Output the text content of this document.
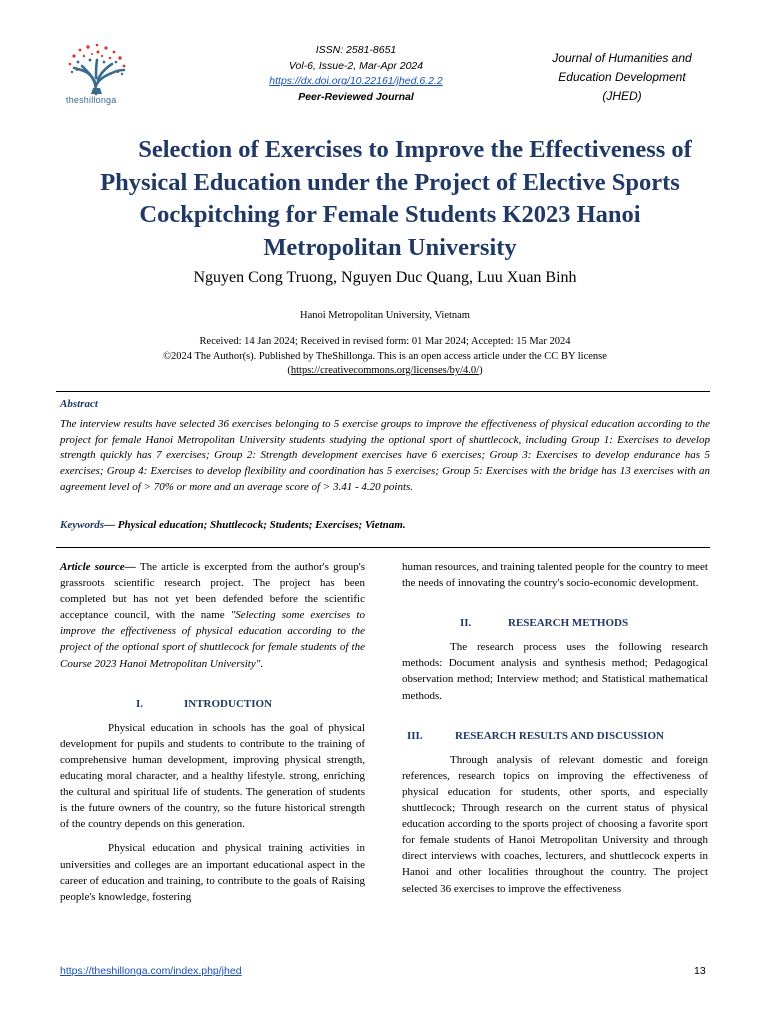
theshillonga
ISSN: 2581-8651
Vol-6, Issue-2, Mar-Apr 2024
https://dx.doi.org/10.22161/jhed.6.2.2
Peer-Reviewed Journal
Journal of Humanities and
Education Development
(JHED)
Selection of Exercises to Improve the Effectiveness of
Physical Education under the Project of Elective Sports
Cockpitching for Female Students K2023 Hanoi
Metropolitan University
Nguyen Cong Truong, Nguyen Duc Quang, Luu Xuan Binh
Hanoi Metropolitan University, Vietnam
Received: 14 Jan 2024; Received in revised form: 01 Mar 2024; Accepted: 15 Mar 2024
©2024 The Author(s). Published by TheShillonga. This is an open access article under the CC BY license
(https://creativecommons.org/licenses/by/4.0/)
Abstract
The interview results have selected 36 exercises belonging to 5 exercise groups to improve the effectiveness of physical education according to the project for female Hanoi Metropolitan University students studying the optional sport of shuttlecock, including Group 1: Exercises to develop strength quickly has 7 exercises; Group 2: Strength development exercises have 6 exercises; Group 3: Exercises to develop endurance has 5 exercises; Group 4: Exercises to develop flexibility and coordination has 5 exercises; Group 5: Exercises with the bridge has 13 exercises with an agreement level of > 70% or more and an average score of > 3.41 - 4.20 points.
Keywords— Physical education; Shuttlecock; Students; Exercises; Vietnam.

Article source— The article is excerpted from the author's group's grassroots scientific research project. The project has been completed but has not yet been defended before the scientific acceptance council, with the name "Selecting some exercises to improve the effectiveness of physical education according to the project of the optional sport of shuttlecock for female students of the Course 2023 Hanoi Metropolitan University".

I.	INTRODUCTION

Physical education in schools has the goal of physical development for pupils and students to contribute to the training of comprehensive human development, improving physical strength, educating moral character, and a healthy lifestyle. strong, enriching the cultural and spiritual life of students. The generation of students is the future owners of the country, so the future historical strength of the country depends on this generation.

Physical education and physical training activities in universities and colleges are an important educational aspect in the career of education and training, to contribute to the goals of Raising people's knowledge, fostering

human resources, and training talented people for the country to meet the needs of innovating the country's socio-economic development.

II.	RESEARCH METHODS

The research process uses the following research methods: Document analysis and synthesis method; Pedagogical observation method; Interview method; and Statistical mathematical methods.

III.	RESEARCH RESULTS AND DISCUSSION

Through analysis of relevant domestic and foreign references, research topics on improving the effectiveness of physical education for students, other sports, and especially shuttlecock; Through research on the current status of physical education according to the sports project of choosing a favorite sport for female students of Hanoi Metropolitan University and through direct interviews with coaches, lecturers, and shuttlecock experts in Hanoi and other localities throughout the country. The project selected 36 exercises to improve the effectiveness

https://theshillonga.com/index.php/jhed	13
